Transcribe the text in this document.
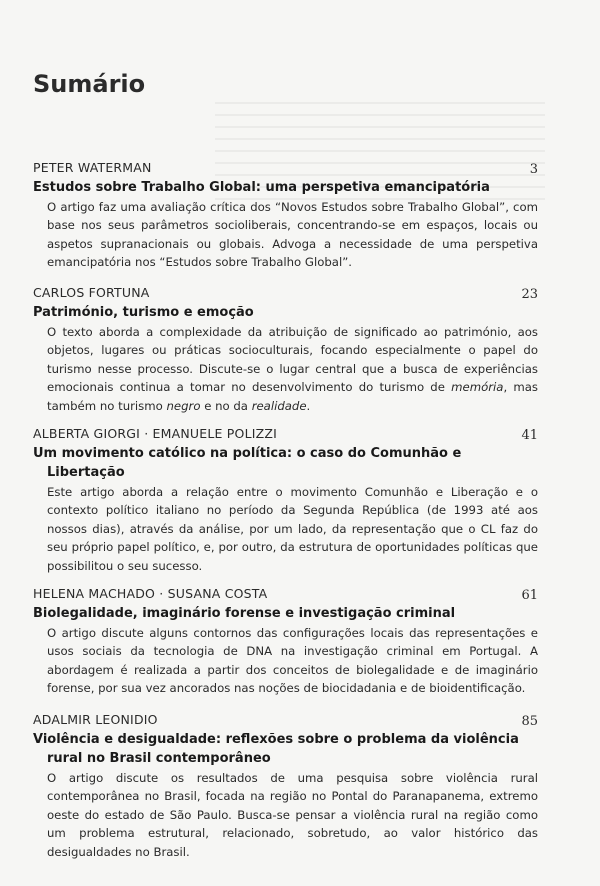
Sumário
PETER WATERMAN	3
Estudos sobre Trabalho Global: uma perspetiva emancipatória
O artigo faz uma avaliação crítica dos “Novos Estudos sobre Trabalho Global”, com base nos seus parâmetros socioliberais, concentrando-se em espaços, locais ou aspetos supranacionais ou globais. Advoga a necessidade de uma perspetiva emancipatória nos “Estudos sobre Trabalho Global”.
CARLOS FORTUNA	23
Património, turismo e emoção
O texto aborda a complexidade da atribuição de significado ao património, aos objetos, lugares ou práticas socioculturais, focando especialmente o papel do turismo nesse processo. Discute-se o lugar central que a busca de experiências emocionais continua a tomar no desenvolvimento do turismo de memória, mas também no turismo negro e no da realidade.
ALBERTA GIORGI · EMANUELE POLIZZI	41
Um movimento católico na política: o caso do Comunhão e Libertação
Este artigo aborda a relação entre o movimento Comunhão e Liberação e o contexto político italiano no período da Segunda República (de 1993 até aos nossos dias), através da análise, por um lado, da representação que o CL faz do seu próprio papel político, e, por outro, da estrutura de oportunidades políticas que possibilitou o seu sucesso.
HELENA MACHADO · SUSANA COSTA	61
Biolegalidade, imaginário forense e investigação criminal
O artigo discute alguns contornos das configurações locais das representações e usos sociais da tecnologia de DNA na investigação criminal em Portugal. A abordagem é realizada a partir dos conceitos de biolegalidade e de imaginário forense, por sua vez ancorados nas noções de biocidadania e de bioidentificação.
ADALMIR LEONIDIO	85
Violência e desigualdade: reflexões sobre o problema da violência rural no Brasil contemporâneo
O artigo discute os resultados de uma pesquisa sobre violência rural contemporânea no Brasil, focada na região no Pontal do Paranapanema, extremo oeste do estado de São Paulo. Busca-se pensar a violência rural na região como um problema estrutural, relacionado, sobretudo, ao valor histórico das desigualdades no Brasil.
